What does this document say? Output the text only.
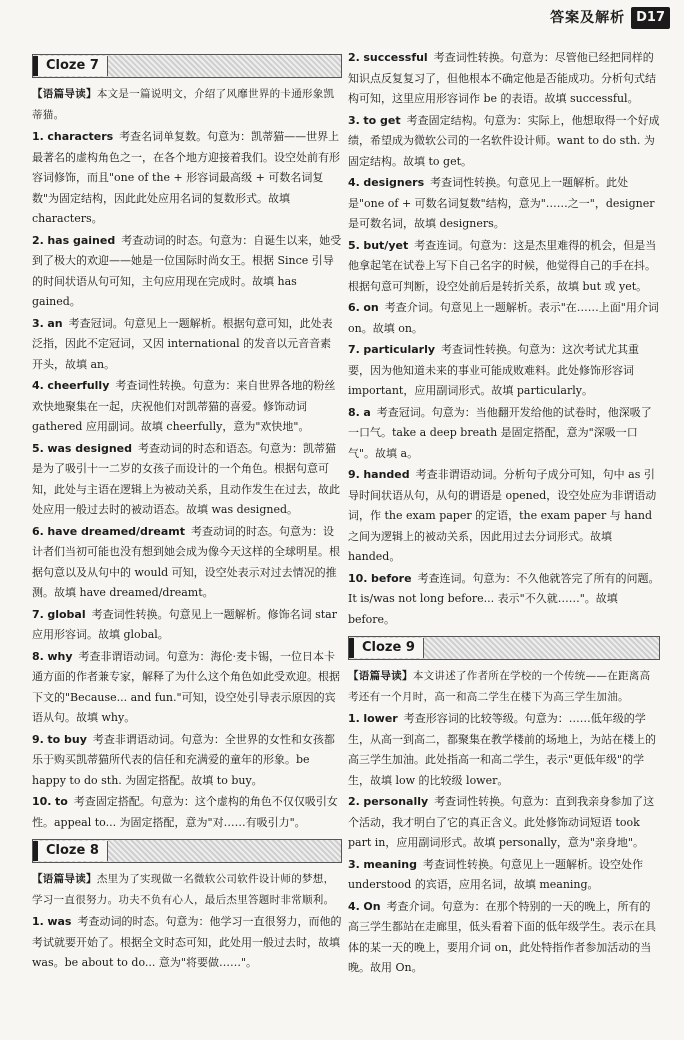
答案及解析 D17
Cloze 7
【语篇导读】本文是一篇说明文，介绍了风靡世界的卡通形象凯蒂猫。
1. characters 考查名词单复数。句意为：凯蒂猫——世界上最著名的虚构角色之一，在各个地方迎接着我们。设空处前有形容词修饰，而且"one of the + 形容词最高级 + 可数名词复数"为固定结构，因此此处应用名词的复数形式。故填 characters。
2. has gained 考查动词的时态。句意为：自诞生以来，她受到了极大的欢迎——她是一位国际时尚女王。根据 Since 引导的时间状语从句可知，主句应用现在完成时。故填 has gained。
3. an 考查冠词。句意见上一题解析。根据句意可知，此处表泛指，因此不定冠词，又因 international 的发音以元音音素开头，故填 an。
4. cheerfully 考查词性转换。句意为：来自世界各地的粉丝欢快地聚集在一起，庆祝他们对凯蒂猫的喜爱。修饰动词 gathered 应用副词。故填 cheerfully，意为"欢快地"。
5. was designed 考查动词的时态和语态。句意为：凯蒂猫是为了吸引十一二岁的女孩子而设计的一个角色。根据句意可知，此处与主语在逻辑上为被动关系，且动作发生在过去，故此处应用一般过去时的被动语态。故填 was designed。
6. have dreamed/dreamt 考查动词的时态。句意为：设计者们当初可能也没有想到她会成为像今天这样的全球明星。根据句意以及从句中的 would 可知，设空处表示对过去情况的推测。故填 have dreamed/dreamt。
7. global 考查词性转换。句意见上一题解析。修饰名词 star 应用形容词。故填 global。
8. why 考查非谓语动词。句意为：海伦·麦卡锡，一位日本卡通方面的作者兼专家，解释了为什么这个角色如此受欢迎。根据下文的"Because... and fun."可知，设空处引导表示原因的宾语从句。故填 why。
9. to buy 考查非谓语动词。句意为：全世界的女性和女孩都乐于购买凯蒂猫所代表的信任和充满爱的童年的形象。be happy to do sth. 为固定搭配。故填 to buy。
10. to 考查固定搭配。句意为：这个虚构的角色不仅仅吸引女性。appeal to... 为固定搭配，意为"对……有吸引力"。
Cloze 8
【语篇导读】杰里为了实现做一名微软公司软件设计师的梦想，学习一直很努力。功夫不负有心人，最后杰里答题时非常顺利。
1. was 考查动词的时态。句意为：他学习一直很努力，而他的考试就要开始了。根据全文时态可知，此处用一般过去时，故填 was。be about to do... 意为"将要做……"。
2. successful 考查词性转换。句意为：尽管他已经把同样的知识点反复复习了，但他根本不确定他是否能成功。分析句式结构可知，这里应用形容词作 be 的表语。故填 successful。
3. to get 考查固定结构。句意为：实际上，他想取得一个好成绩，希望成为微软公司的一名软件设计师。want to do sth. 为固定结构。故填 to get。
4. designers 考查词性转换。句意见上一题解析。此处是"one of + 可数名词复数"结构，意为"……之一"，designer 是可数名词，故填 designers。
5. but/yet 考查连词。句意为：这是杰里难得的机会，但是当他拿起笔在试卷上写下自己名字的时候，他觉得自己的手在抖。根据句意可判断，设空处前后是转折关系，故填 but 或 yet。
6. on 考查介词。句意见上一题解析。表示"在……上面"用介词 on。故填 on。
7. particularly 考查词性转换。句意为：这次考试尤其重要，因为他知道未来的事业可能成败难料。此处修饰形容词 important，应用副词形式。故填 particularly。
8. a 考查冠词。句意为：当他翻开发给他的试卷时，他深吸了一口气。take a deep breath 是固定搭配，意为"深吸一口气"。故填 a。
9. handed 考查非谓语动词。分析句子成分可知，句中 as 引导时间状语从句，从句的谓语是 opened，设空处应为非谓语动词，作 the exam paper 的定语，the exam paper 与 hand 之间为逻辑上的被动关系，因此用过去分词形式。故填 handed。
10. before 考查连词。句意为：不久他就答完了所有的问题。It is/was not long before... 表示"不久就……"。故填 before。
Cloze 9
【语篇导读】本文讲述了作者所在学校的一个传统——在距离高考还有一个月时，高一和高二学生在楼下为高三学生加油。
1. lower 考查形容词的比较等级。句意为：……低年级的学生，从高一到高二，都聚集在教学楼前的场地上，为站在楼上的高三学生加油。此处指高一和高二学生，表示"更低年级"的学生，故填 low 的比较级 lower。
2. personally 考查词性转换。句意为：直到我亲身参加了这个活动，我才明白了它的真正含义。此处修饰动词短语 took part in，应用副词形式。故填 personally，意为"亲身地"。
3. meaning 考查词性转换。句意见上一题解析。设空处作 understood 的宾语，应用名词，故填 meaning。
4. On 考查介词。句意为：在那个特别的一天的晚上，所有的高三学生都站在走廊里，低头看着下面的低年级学生。表示在具体的某一天的晚上，要用介词 on，此处特指作者参加活动的当晚。故用 On。
